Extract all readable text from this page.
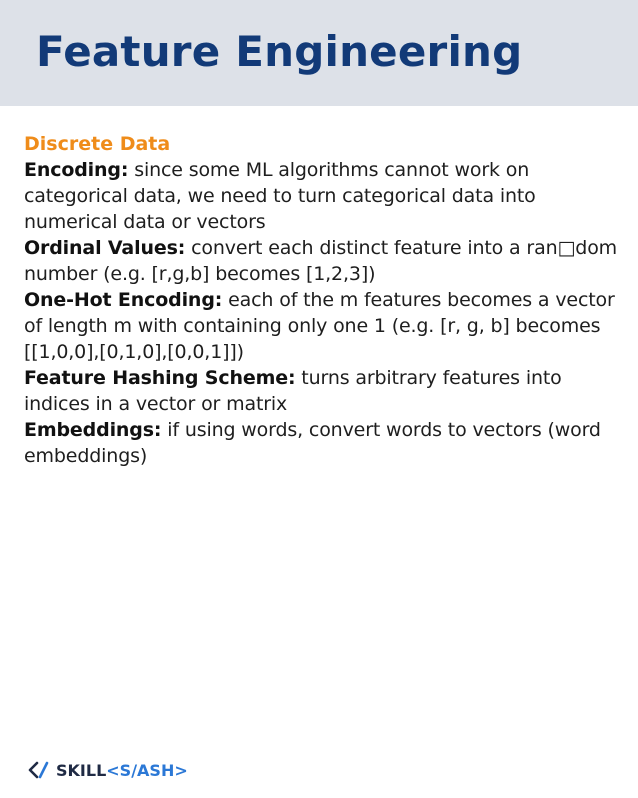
Feature Engineering

Discrete Data

Encoding: since some ML algorithms cannot work on categorical data, we need to turn categorical data into numerical data or vectors

Ordinal Values: convert each distinct feature into a ran□dom number (e.g. [r,g,b] becomes [1,2,3])

One-Hot Encoding: each of the m features becomes a vector of length m with containing only one 1 (e.g. [r, g, b] becomes [[1,0,0],[0,1,0],[0,0,1]])

Feature Hashing Scheme: turns arbitrary features into indices in a vector or matrix

Embeddings: if using words, convert words to vectors (word embeddings)

SKILL <S/ASH>
